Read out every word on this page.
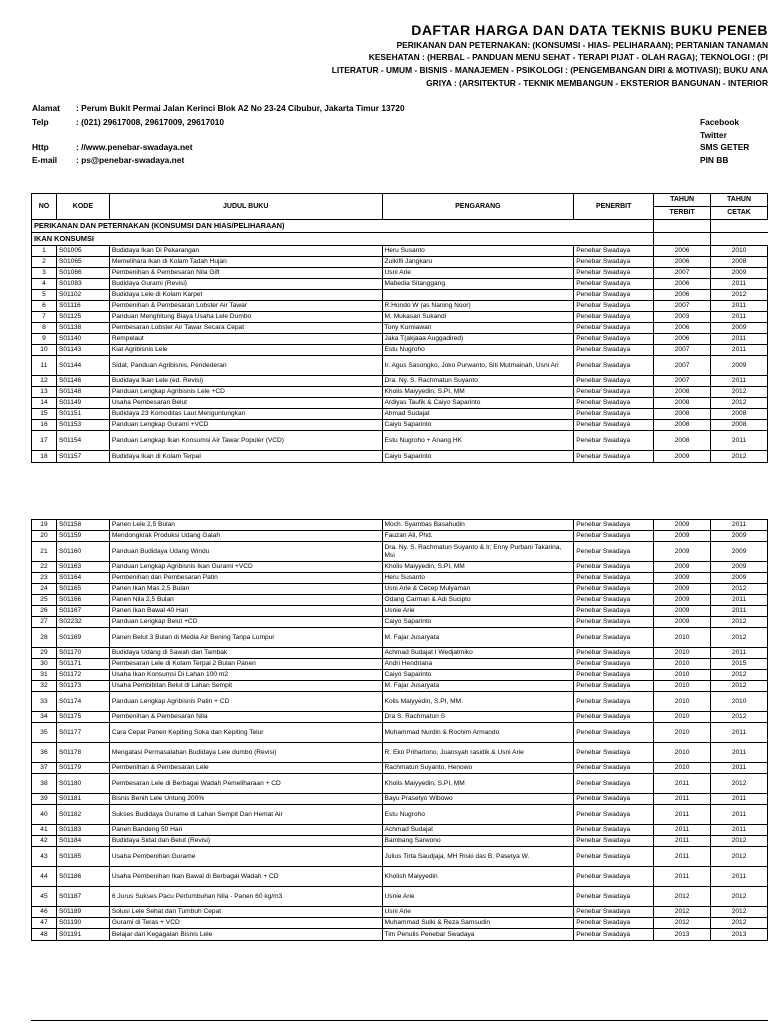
DAFTAR HARGA DAN DATA TEKNIS BUKU PENEB
PERIKANAN DAN PETERNAKAN: (KONSUMSI - HIAS- PELIHARAAN); PERTANIAN TANAMAN
KESEHATAN : (HERBAL - PANDUAN MENU SEHAT - TERAPI PIJAT - OLAH RAGA); TEKNOLOGI : (PI
LITERATUR - UMUM - BISNIS - MANAJEMEN - PSIKOLOGI : (PENGEMBANGAN DIRI & MOTIVASI); BUKU ANA
GRIYA : (ARSITEKTUR - TEKNIK MEMBANGUN - EKSTERIOR BANGUNAN - INTERIOR
Alamat : Perum Bukit Permai Jalan Kerinci Blok A2 No 23-24 Cibubur, Jakarta Timur 13720
Telp	: (021) 29617008, 29617009, 29617010
Http	: //www.penebar-swadaya.net
E-mail : ps@penebar-swadaya.net
Facebook
Twitter
SMS GETER
PIN BB
NO	KODE	JUDUL BUKU	PENGARANG	PENERBIT	TAHUN	TAHUN
					TERBIT	CETAK
PERIKANAN DAN PETERNAKAN (KONSUMSI DAN HIAS/PELIHARAAN)						
IKAN KONSUMSI						
1	S01005	Budidaya Ikan Di Pekarangan	Heru Susanto	Penebar Swadaya	2006	2010
2	S01065	Memelihara Ikan di Kolam Tadah Hujan	Zulkifli Jangkaru	Penebar Swadaya	2006	2008
3	S01066	Pembenihan & Pembesaran Nila Gift	Usni Arie	Penebar Swadaya	2007	2009
4	S01083	Budidaya Gurami (Revisi)	Mabedia Sitanggang	Penebar Swadaya	2006	2011
5	S01102	Budidaya Lele di Kolam Karpet		Penebar Swadaya	2006	2012
6	S01116	Pembenihan & Pembesaran Lobster Air Tawar	R.Hondo W (as Naning Noor)	Penebar Swadaya	2007	2011
7	S01125	Panduan Menghitung Biaya Usaha Lele Dumbo	M. Mukasan Sukandi	Penebar Swadaya	2003	2011
8	S01138	Pembesaran Lobster Air Tawar Secara Cepat	Tony Kurniawan	Penebar Swadaya	2006	2009
9	S01140	Rempelaut	Jaka T(akjaaa Auggadired)	Penebar Swadaya	2006	2011
10	S01143	Kiat Agribisnis Lele	Estu Nugroho	Penebar Swadaya	2007	2011
11	S01144	Sidat, Panduan Agribisnis, Pendederan	Ir. Agus Sasongko, Joko Purwanto, Siti Mutmainah, Usni Ari	Penebar Swadaya	2007	2009
12	S01146	Budidaya Ikan Lele (ed. Revisi)	Dra. Ny. S. Rachmatun Suyanto	Penebar Swadaya	2007	2011
13	S01148	Panduan Lengkap Agribisnis Lele +CD	Kholis Maiyyedin, S.PI, MM	Penebar Swadaya	2008	2012
14	S01149	Usaha Pembesaran Belut	Ardiyas Taufik & Caiyo Saparinto	Penebar Swadaya	2008	2012
15	S01151	Budidaya 23 Komoditas Laut Menguntungkan	Ahmad Sudajat	Penebar Swadaya	2008	2008
16	S01153	Panduan Lengkap Gurami +VCD	Caiyo Saparinto	Penebar Swadaya	2008	2008
17	S01154	Panduan Lengkap Ikan Konsumsi Air Tawar Populer (VCD)	Estu Nugroho + Anang HK	Penebar Swadaya	2008	2011
18	S01157	Budidaya Ikan di Kolam Terpal	Caiyo Saparinto	Penebar Swadaya	2009	2012
19	S01158	Panen Lele 2,5 Bulan	Moch. Syambas Basahudin	Penebar Swadaya	2009	2011
20	S01159	Mendongkrak Produksi Udang Galah	Fauzan Ali, Phd.	Penebar Swadaya	2009	2009
21	S01160	Panduan Budidaya Udang Windu	Dra. Ny. S. Rachmatun Suyanto & Ir. Enny Purbani Takarina, Msi	Penebar Swadaya	2009	2009
22	S01163	Panduan Lengkap Agribisnis Ikan Gurami +VCD	Kholis Maiyyedin, S.PI, MM	Penebar Swadaya	2009	2009
23	S01164	Pembenihan dan Pembesaran Patin	Heru Susanto	Penebar Swadaya	2009	2009
24	S01165	Panen Ikan Mas 2,5 Bulan	Usni Arie & Cecep Mulyaman	Penebar Swadaya	2009	2012
25	S01166	Panen Nila 2,5 Bulan	Odang Carman & Adi Sucipto	Penebar Swadaya	2009	2011
26	S01167	Panen Ikan Bawal 40 Hari	Usnie Arie	Penebar Swadaya	2009	2011
27	S02232	Panduan Lengkap Belut +CD	Caiyo Saparinto	Penebar Swadaya	2009	2012
28	S01169	Panen Belut 3 Bulan di Media Air Bening Tanpa Lumpur	M. Fajar Jusaryata	Penebar Swadaya	2010	2012
29	S01170	Budidaya Udang di Sawah dan Tambak	Achmad Sudajat I Wedjatmiko	Penebar Swadaya	2010	2011
30	S01171	Pembesaran Lele di Kolam Terpal 2 Bulan Panen	Andri Hendriana	Penebar Swadaya	2010	2015
31	S01172	Usaha Ikan Konsumsi Di Lahan 100 m2	Caiyo Saparinto	Penebar Swadaya	2010	2012
32	S01173	Usaha Pembibitan Belut di Lahan Sempit	M. Fajar Jusaryata	Penebar Swadaya	2010	2012
33	S01174	Panduan Lengkap Agribisnis Patin + CD	Kolis Maiyyedin, S.PI, MM.	Penebar Swadaya	2010	2010
34	S01175	Pembenihan & Pembesaran Nila	Dra S. Rachmatun S	Penebar Swadaya	2010	2012
35	S01177	Cara Cepat Panen Kepiting Soka dan Kepiting Telur	Muhammad Nurdin & Rochim Armando	Penebar Swadaya	2010	2011
36	S01178	Mengatasi Permasalahan Budidaya Lele dumbo (Revisi)	R. Eko Prihartono, Juansyah rasidik & Usni Arie	Penebar Swadaya	2010	2011
37	S01179	Pembenihan & Pembesaran Lele	Rachmatun Suyanto, Henowo	Penebar Swadaya	2010	2011
38	S01180	Pembesaran Lele di Berbagai Wadah Pemeliharaan + CD	Kholis Maiyyedin, S.PI, MM	Penebar Swadaya	2011	2012
39	S01181	Bisnis Benih Lele Untung 200%	Bayu Prasetyo Wibowo	Penebar Swadaya	2011	2011
40	S01182	Sukses Budidaya Gurame di Lahan Sempit Dan Hemat Air	Estu Nugroho	Penebar Swadaya	2011	2011
41	S01183	Panen Bandeng 50 Hari	Achmad Sudajat	Penebar Swadaya	2011	2011
42	S01184	Budidaya Sidat dan Belut (Revisi)	Bambang Sarwono	Penebar Swadaya	2011	2012
43	S01185	Usaha Pembenihan Gurame	Julius Tirta Saudjaja, MH Riski das B. Pasetya W.	Penebar Swadaya	2011	2012
44	S01186	Usaha Pembenihan Ikan Bawal di Berbagai Wadah + CD	Kholish Maiyyedin	Penebar Swadaya	2011	2011
45	S01187	6 Jurus Sukses Pacu Pertumbuhan Nila - Panen 60 kg/m3	Usnie Arie	Penebar Swadaya	2012	2012
46	S01189	Solusi Lele Sehat dan Tumbuh Cepat	Usni Arie	Penebar Swadaya	2012	2012
47	S01190	Gurami di Teras + VCD	Muhammad Sulki & Reza Samsudin	Penebar Swadaya	2012	2012
48	S01191	Belajar dari Kegagalan Bisnis Lele	Tim Penulis Penebar Swadaya	Penebar Swadaya	2013	2013
